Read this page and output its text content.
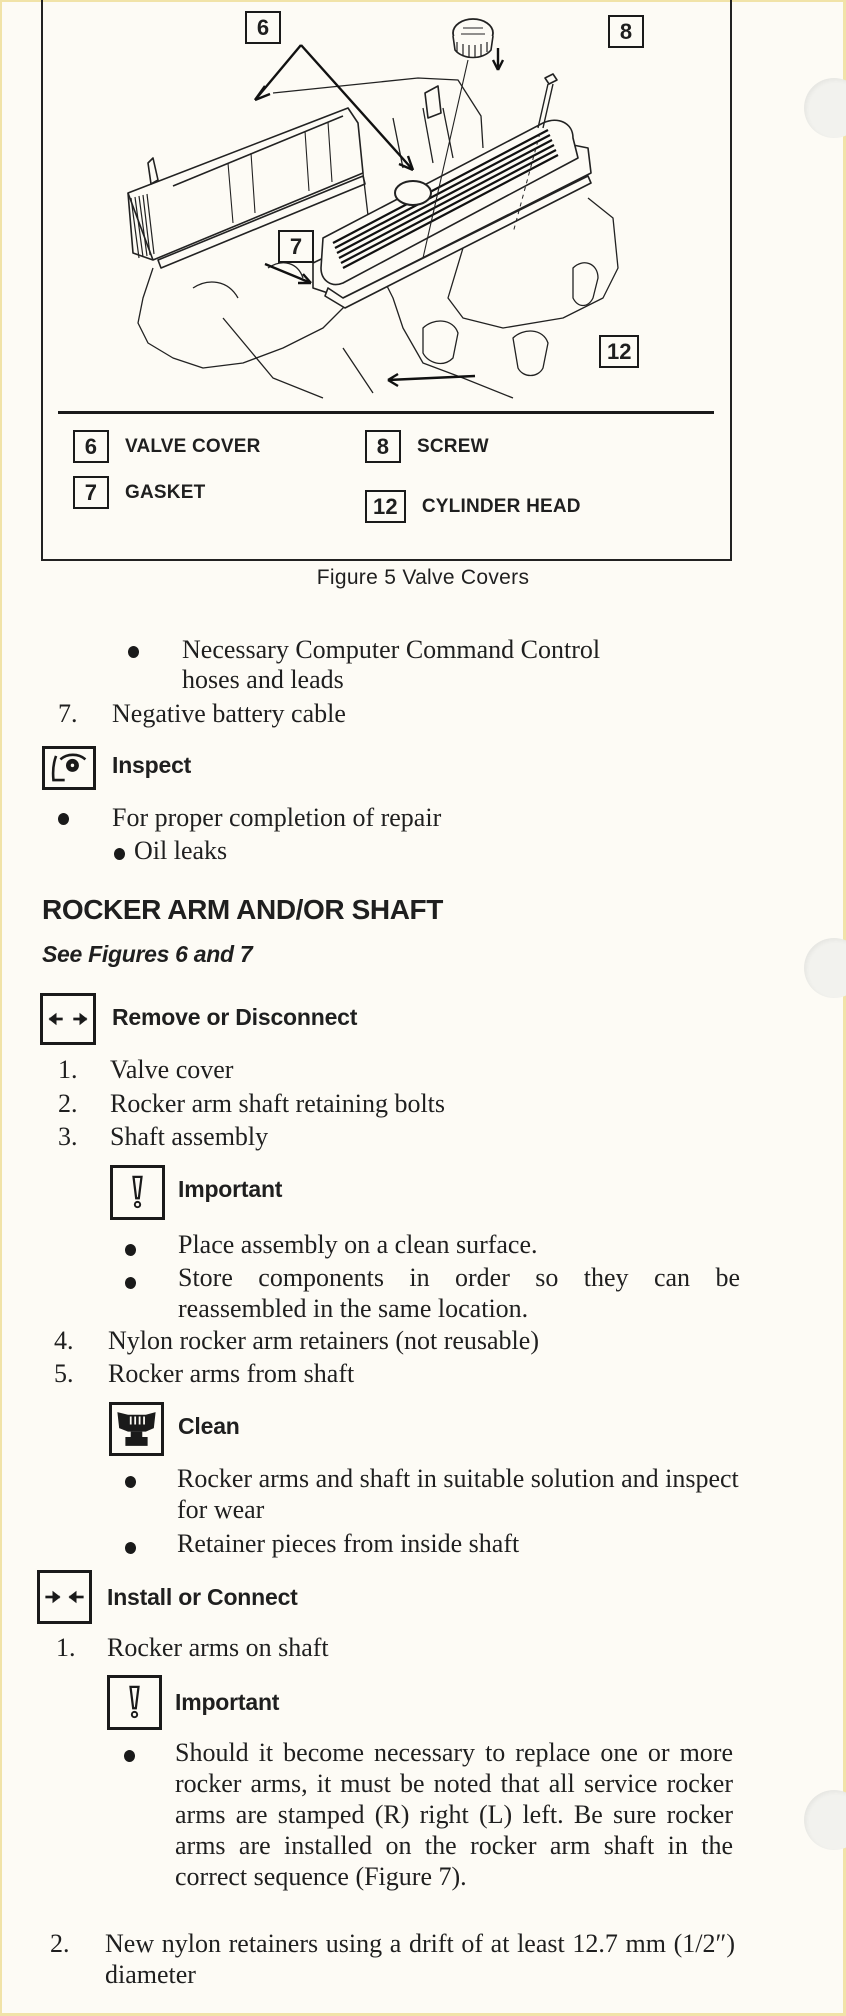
6	8
7
12
6	VALVE COVER
7	GASKET
8	SCREW
12	CYLINDER HEAD
Figure 5 Valve Covers
Necessary Computer Command Control
hoses and leads
7. Negative battery cable
Inspect
For proper completion of repair
Oil leaks
ROCKER ARM AND/OR SHAFT
See Figures 6 and 7
Remove or Disconnect
1. Valve cover
2. Rocker arm shaft retaining bolts
3. Shaft assembly
Important
Place assembly on a clean surface.
Store components in order so they can be reassembled in the same location.
4. Nylon rocker arm retainers (not reusable)
5. Rocker arms from shaft
Clean
Rocker arms and shaft in suitable solution and inspect for wear
Retainer pieces from inside shaft
Install or Connect
1. Rocker arms on shaft
Important
Should it become necessary to replace one or more rocker arms, it must be noted that all service rocker arms are stamped (R) right (L) left. Be sure rocker arms are installed on the rocker arm shaft in the correct sequence (Figure 7).
2. New nylon retainers using a drift of at least 12.7 mm (1/2″) diameter
